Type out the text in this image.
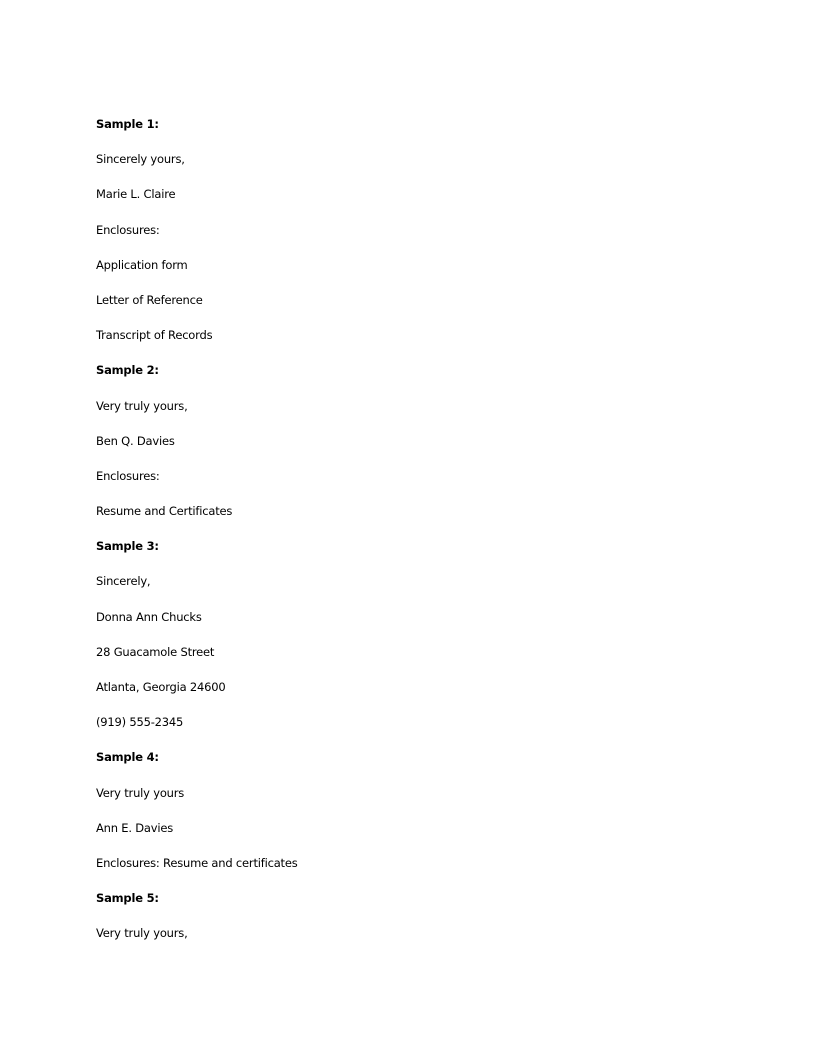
Sample 1:
Sincerely yours,
Marie L. Claire
Enclosures:
Application form
Letter of Reference
Transcript of Records
Sample 2:
Very truly yours,
Ben Q. Davies
Enclosures:
Resume and Certificates
Sample 3:
Sincerely,
Donna Ann Chucks
28 Guacamole Street
Atlanta, Georgia 24600
(919) 555-2345
Sample 4:
Very truly yours
Ann E. Davies
Enclosures: Resume and certificates
Sample 5:
Very truly yours,
